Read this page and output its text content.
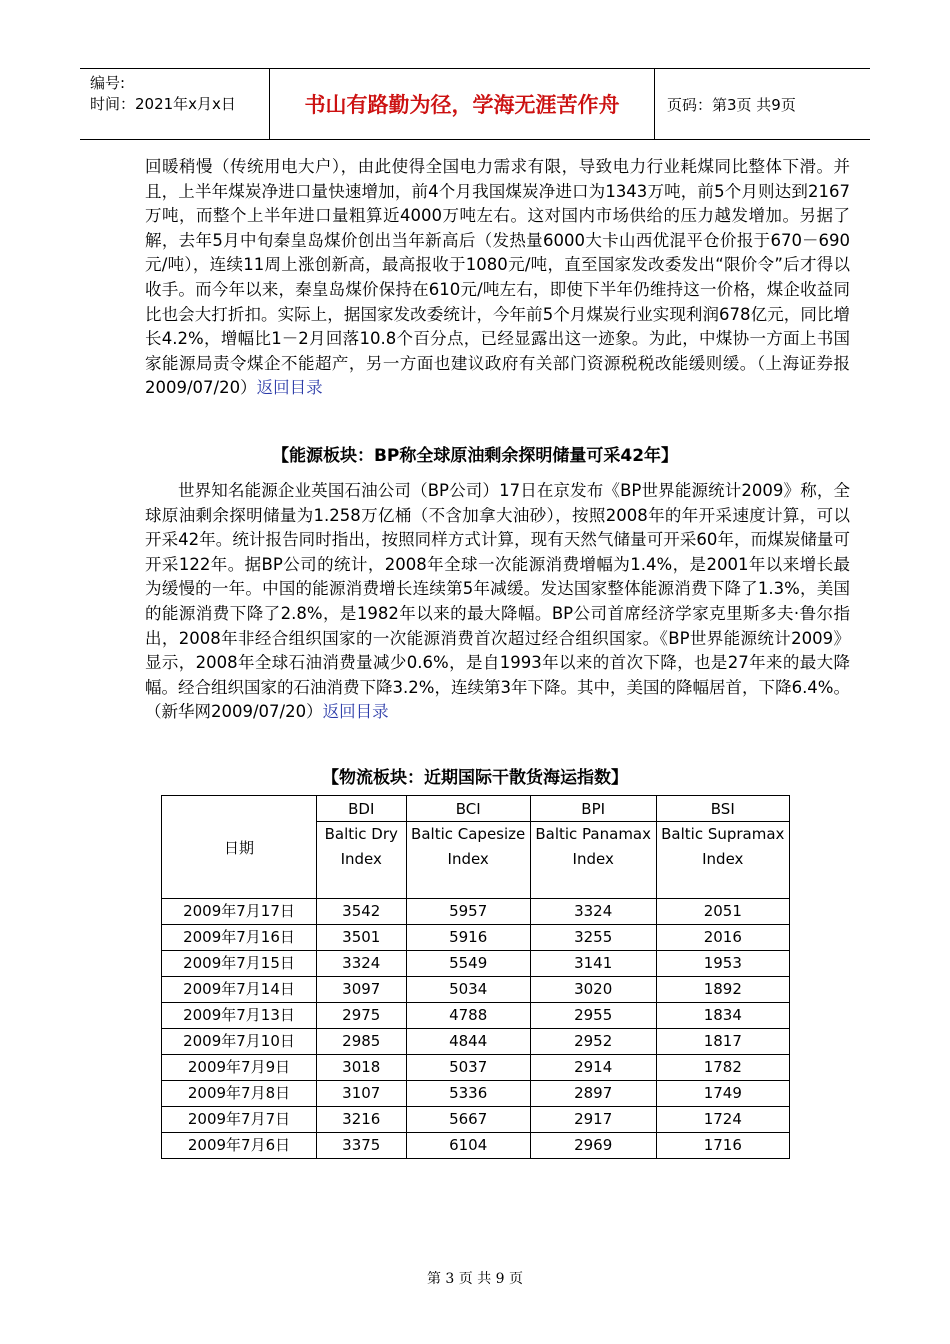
编号:
时间：2021年x月x日	书山有路勤为径，学海无涯苦作舟	页码：第3页 共9页

回暖稍慢（传统用电大户），由此使得全国电力需求有限，导致电力行业耗煤同比整体下滑。并且，上半年煤炭净进口量快速增加，前4个月我国煤炭净进口为1343万吨，前5个月则达到2167万吨，而整个上半年进口量粗算近4000万吨左右。这对国内市场供给的压力越发增加。另据了解，去年5月中旬秦皇岛煤价创出当年新高后（发热量6000大卡山西优混平仓价报于670－690元/吨），连续11周上涨创新高，最高报收于1080元/吨，直至国家发改委发出“限价令”后才得以收手。而今年以来，秦皇岛煤价保持在610元/吨左右，即使下半年仍维持这一价格，煤企收益同比也会大打折扣。实际上，据国家发改委统计，今年前5个月煤炭行业实现利润678亿元，同比增长4.2%，增幅比1－2月回落10.8个百分点，已经显露出这一迹象。为此，中煤协一方面上书国家能源局责令煤企不能超产，另一方面也建议政府有关部门资源税税改能缓则缓。（上海证券报2009/07/20）返回目录

【能源板块：BP称全球原油剩余探明储量可采42年】

世界知名能源企业英国石油公司（BP公司）17日在京发布《BP世界能源统计2009》称，全球原油剩余探明储量为1.258万亿桶（不含加拿大油砂），按照2008年的年开采速度计算，可以开采42年。统计报告同时指出，按照同样方式计算，现有天然气储量可开采60年，而煤炭储量可开采122年。据BP公司的统计，2008年全球一次能源消费增幅为1.4%，是2001年以来增长最为缓慢的一年。中国的能源消费增长连续第5年减缓。发达国家整体能源消费下降了1.3%，美国的能源消费下降了2.8%，是1982年以来的最大降幅。BP公司首席经济学家克里斯多夫·鲁尔指出，2008年非经合组织国家的一次能源消费首次超过经合组织国家。《BP世界能源统计2009》显示，2008年全球石油消费量减少0.6%，是自1993年以来的首次下降，也是27年来的最大降幅。经合组织国家的石油消费下降3.2%，连续第3年下降。其中，美国的降幅居首，下降6.4%。（新华网2009/07/20）返回目录

【物流板块：近期国际干散货海运指数】
日期	BDI	BCI	BPI	BSI
	Baltic Dry Index	Baltic Capesize Index	Baltic Panamax Index	Baltic Supramax Index
2009年7月17日	3542	5957	3324	2051
2009年7月16日	3501	5916	3255	2016
2009年7月15日	3324	5549	3141	1953
2009年7月14日	3097	5034	3020	1892
2009年7月13日	2975	4788	2955	1834
2009年7月10日	2985	4844	2952	1817
2009年7月9日	3018	5037	2914	1782
2009年7月8日	3107	5336	2897	1749
2009年7月7日	3216	5667	2917	1724
2009年7月6日	3375	6104	2969	1716
第 3 页 共 9 页
